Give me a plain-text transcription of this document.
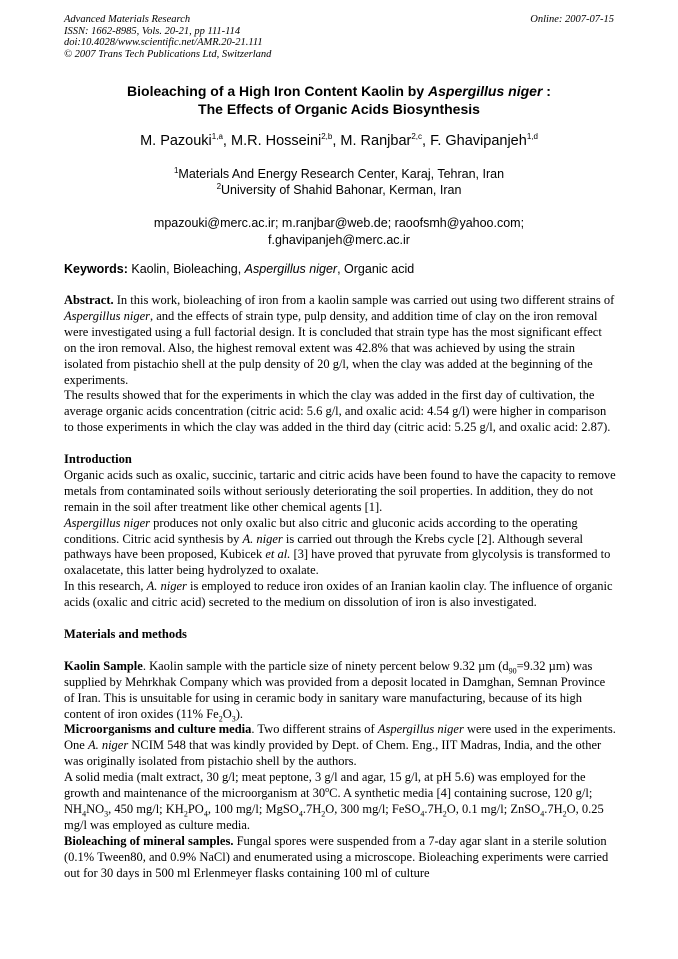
Advanced Materials Research
ISSN: 1662-8985, Vols. 20-21, pp 111-114
doi:10.4028/www.scientific.net/AMR.20-21.111
© 2007 Trans Tech Publications Ltd, Switzerland
Online: 2007-07-15
Bioleaching of a High Iron Content Kaolin by Aspergillus niger :
The Effects of Organic Acids Biosynthesis
M. Pazouki$^{1,a}$, M.R. Hosseini$^{2,b}$, M. Ranjbar$^{2,c}$, F. Ghavipanjeh$^{1,d}$
$^1$Materials And Energy Research Center, Karaj, Tehran, Iran
$^2$University of Shahid Bahonar, Kerman, Iran
mpazouki@merc.ac.ir; m.ranjbar@web.de; raoofsmh@yahoo.com;
f.ghavipanjeh@merc.ac.ir
Keywords: Kaolin, Bioleaching, Aspergillus niger, Organic acid

Abstract. In this work, bioleaching of iron from a kaolin sample was carried out using two different strains of Aspergillus niger, and the effects of strain type, pulp density, and addition time of clay on the iron removal were investigated using a full factorial design. It is concluded that strain type has the most significant effect on the iron removal. Also, the highest removal extent was 42.8% that was achieved by using the strain isolated from pistachio shell at the pulp density of 20 g/l, when the clay was added at the beginning of the experiments.

The results showed that for the experiments in which the clay was added in the first day of cultivation, the average organic acids concentration (citric acid: 5.6 g/l, and oxalic acid: 4.54 g/l) were higher in comparison to those experiments in which the clay was added in the third day (citric acid: 5.25 g/l, and oxalic acid: 2.87).

Introduction

Organic acids such as oxalic, succinic, tartaric and citric acids have been found to have the capacity to remove metals from contaminated soils without seriously deteriorating the soil properties. In addition, they do not remain in the soil after treatment like other chemical agents [1].

Aspergillus niger produces not only oxalic but also citric and gluconic acids according to the operating conditions. Citric acid synthesis by A. niger is carried out through the Krebs cycle [2]. Although several pathways have been proposed, Kubicek et al. [3] have proved that pyruvate from glycolysis is transformed to oxalacetate, this latter being hydrolyzed to oxalate.

In this research, A. niger is employed to reduce iron oxides of an Iranian kaolin clay. The influence of organic acids (oxalic and citric acid) secreted to the medium on dissolution of iron is also investigated.

Materials and methods

Kaolin Sample. Kaolin sample with the particle size of ninety percent below 9.32 µm ($d_{90}=9.32$ µm) was supplied by Mehrkhak Company which was provided from a deposit located in Damghan, Semnan Province of Iran. This is unsuitable for using in ceramic body in sanitary ware manufacturing, because of its high content of iron oxides (11% $Fe_2O_3$).

Microorganisms and culture media. Two different strains of Aspergillus niger were used in the experiments. One A. niger NCIM 548 that was kindly provided by Dept. of Chem. Eng., IIT Madras, India, and the other was originally isolated from pistachio shell by the authors.

A solid media (malt extract, 30 g/l; meat peptone, 3 g/l and agar, 15 g/l, at pH 5.6) was employed for the growth and maintenance of the microorganism at 30$^o$C. A synthetic media [4] containing sucrose, 120 g/l; $NH_4NO_3$, 450 mg/l; $KH_2PO_4$, 100 mg/l; $MgSO_4.7H_2O$, 300 mg/l; $FeSO_4.7H_2O$, 0.1 mg/l; $ZnSO_4.7H_2O$, 0.25 mg/l was employed as culture media.

Bioleaching of mineral samples. Fungal spores were suspended from a 7-day agar slant in a sterile solution (0.1% Tween80, and 0.9% NaCl) and enumerated using a microscope. Bioleaching experiments were carried out for 30 days in 500 ml Erlenmeyer flasks containing 100 ml of culture
